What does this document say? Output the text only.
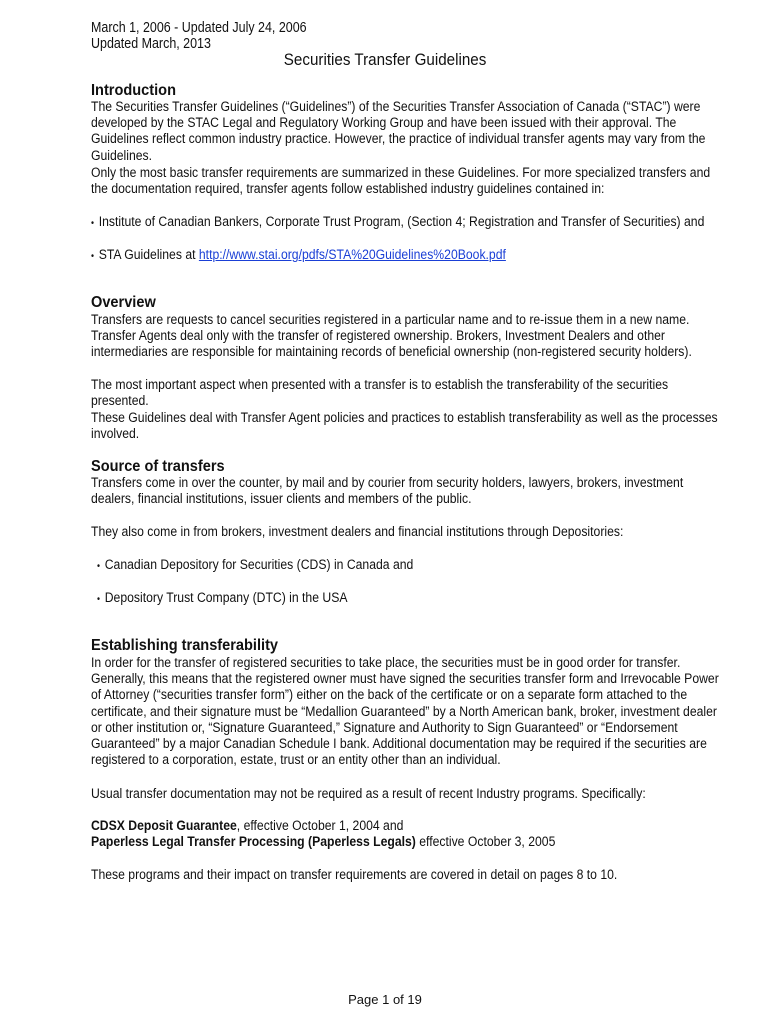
March 1, 2006 - Updated July 24, 2006
Updated March, 2013
Securities Transfer Guidelines
Introduction
The Securities Transfer Guidelines (“Guidelines”) of the Securities Transfer Association of Canada (“STAC”) were developed by the STAC Legal and Regulatory Working Group and have been issued with their approval. The Guidelines reflect common industry practice. However, the practice of individual transfer agents may vary from the Guidelines.
Only the most basic transfer requirements are summarized in these Guidelines. For more specialized transfers and the documentation required, transfer agents follow established industry guidelines contained in:
• Institute of Canadian Bankers, Corporate Trust Program, (Section 4; Registration and Transfer of Securities) and
• STA Guidelines at http://www.stai.org/pdfs/STA%20Guidelines%20Book.pdf
Overview
Transfers are requests to cancel securities registered in a particular name and to re-issue them in a new name. Transfer Agents deal only with the transfer of registered ownership. Brokers, Investment Dealers and other intermediaries are responsible for maintaining records of beneficial ownership (non-registered security holders).
The most important aspect when presented with a transfer is to establish the transferability of the securities presented.
These Guidelines deal with Transfer Agent policies and practices to establish transferability as well as the processes involved.
Source of transfers
Transfers come in over the counter, by mail and by courier from security holders, lawyers, brokers, investment dealers, financial institutions, issuer clients and members of the public.
They also come in from brokers, investment dealers and financial institutions through Depositories:
• Canadian Depository for Securities (CDS) in Canada and
• Depository Trust Company (DTC) in the USA
Establishing transferability
In order for the transfer of registered securities to take place, the securities must be in good order for transfer. Generally, this means that the registered owner must have signed the securities transfer form and Irrevocable Power of Attorney (“securities transfer form”) either on the back of the certificate or on a separate form attached to the certificate, and their signature must be “Medallion Guaranteed” by a North American bank, broker, investment dealer or other institution or, “Signature Guaranteed,” Signature and Authority to Sign Guaranteed” or “Endorsement Guaranteed” by a major Canadian Schedule I bank. Additional documentation may be required if the securities are registered to a corporation, estate, trust or an entity other than an individual.
Usual transfer documentation may not be required as a result of recent Industry programs. Specifically:
CDSX Deposit Guarantee, effective October 1, 2004 and
Paperless Legal Transfer Processing (Paperless Legals) effective October 3, 2005
These programs and their impact on transfer requirements are covered in detail on pages 8 to 10.
Page 1 of 19
